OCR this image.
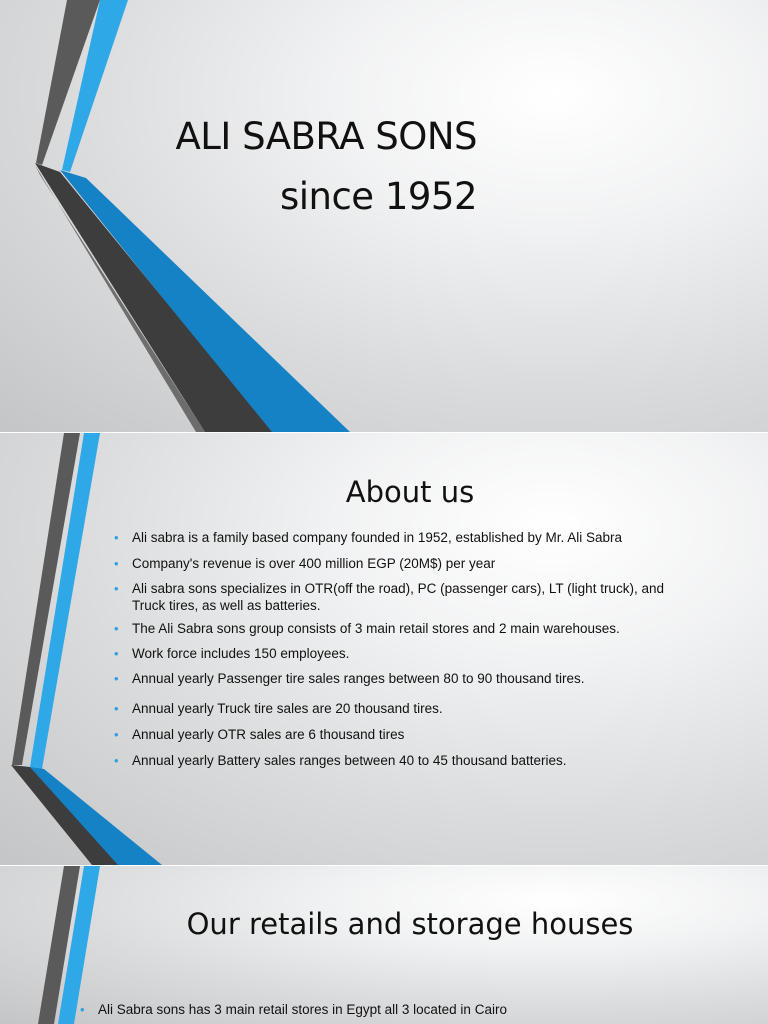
ALI SABRA SONS
since 1952
About us
• Ali sabra is a family based company founded in 1952, established by Mr. Ali Sabra
• Company's revenue is over 400 million EGP (20M$) per year
• Ali sabra sons specializes in OTR(off the road), PC (passenger cars), LT (light truck), and Truck tires, as well as batteries.
• The Ali Sabra sons group consists of 3 main retail stores and 2 main warehouses.
• Work force includes 150 employees.
• Annual yearly Passenger tire sales ranges between 80 to 90 thousand tires.
• Annual yearly Truck tire sales are 20 thousand tires.
• Annual yearly OTR sales are 6 thousand tires
• Annual yearly Battery sales ranges between 40 to 45 thousand batteries.
Our retails and storage houses
• Ali Sabra sons has 3 main retail stores in Egypt all 3 located in Cairo
